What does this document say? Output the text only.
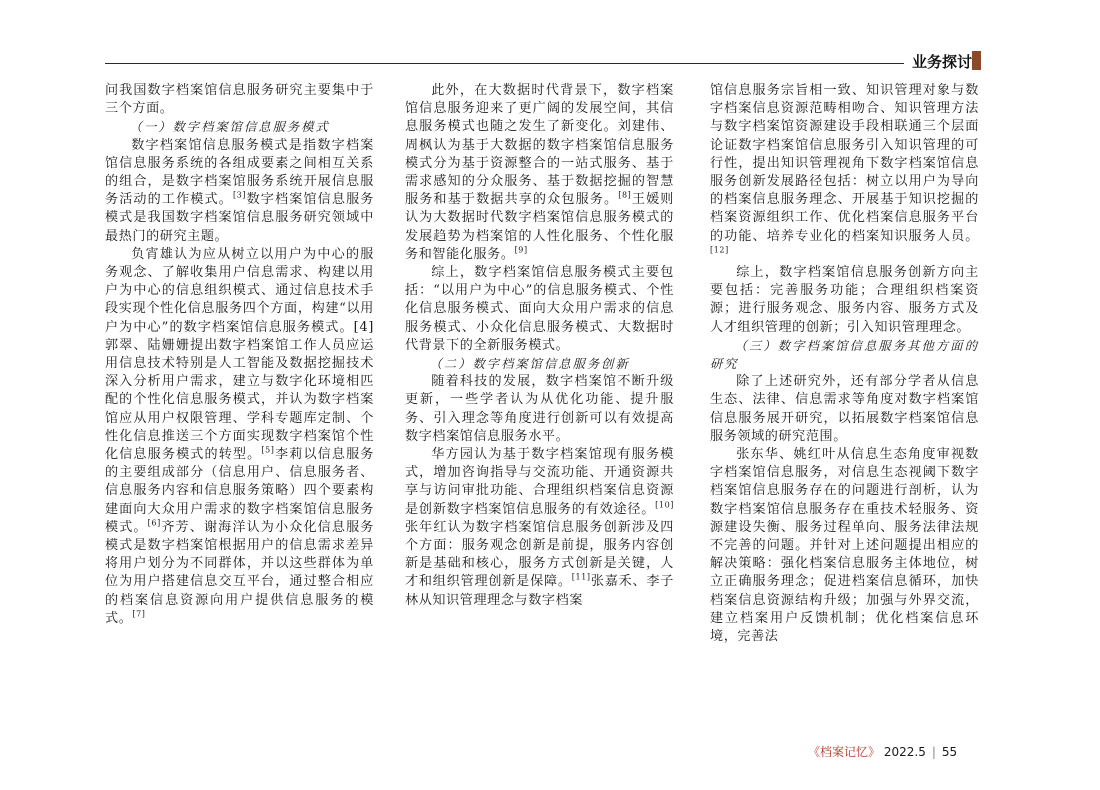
业务探讨

问我国数字档案馆信息服务研究主要集中于三个方面。

（一）数字档案馆信息服务模式

数字档案馆信息服务模式是指数字档案馆信息服务系统的各组成要素之间相互关系的组合，是数字档案馆服务系统开展信息服务活动的工作模式。[3]数字档案馆信息服务模式是我国数字档案馆信息服务研究领域中最热门的研究主题。

负宵雄认为应从树立以用户为中心的服务观念、了解收集用户信息需求、构建以用户为中心的信息组织模式、通过信息技术手段实现个性化信息服务四个方面，构建“以用户为中心”的数字档案馆信息服务模式。[4] 郭翠、陆姗姗提出数字档案馆工作人员应运用信息技术特别是人工智能及数据挖掘技术深入分析用户需求，建立与数字化环境相匹配的个性化信息服务模式，并认为数字档案馆应从用户权限管理、学科专题库定制、个性化信息推送三个方面实现数字档案馆个性化信息服务模式的转型。[5]李莉以信息服务的主要组成部分（信息用户、信息服务者、信息服务内容和信息服务策略）四个要素构建面向大众用户需求的数字档案馆信息服务模式。[6]齐芳、谢海洋认为小众化信息服务模式是数字档案馆根据用户的信息需求差异将用户划分为不同群体，并以这些群体为单位为用户搭建信息交互平台，通过整合相应的档案信息资源向用户提供信息服务的模式。[7]

此外，在大数据时代背景下，数字档案馆信息服务迎来了更广阔的发展空间，其信息服务模式也随之发生了新变化。刘建伟、周枫认为基于大数据的数字档案馆信息服务模式分为基于资源整合的一站式服务、基于需求感知的分众服务、基于数据挖掘的智慧服务和基于数据共享的众包服务。[8]王媛则认为大数据时代数字档案馆信息服务模式的发展趋势为档案馆的人性化服务、个性化服务和智能化服务。[9]

综上，数字档案馆信息服务模式主要包括：“以用户为中心”的信息服务模式、个性化信息服务模式、面向大众用户需求的信息服务模式、小众化信息服务模式、大数据时代背景下的全新服务模式。

（二）数字档案馆信息服务创新

随着科技的发展，数字档案馆不断升级更新，一些学者认为从优化功能、提升服务、引入理念等角度进行创新可以有效提高数字档案馆信息服务水平。

华方园认为基于数字档案馆现有服务模式，增加咨询指导与交流功能、开通资源共享与访问审批功能、合理组织档案信息资源是创新数字档案馆信息服务的有效途径。[10]张年红认为数字档案馆信息服务创新涉及四个方面：服务观念创新是前提，服务内容创新是基础和核心，服务方式创新是关键，人才和组织管理创新是保障。[11]张嘉禾、李子林从知识管理理念与数字档案

馆信息服务宗旨相一致、知识管理对象与数字档案信息资源范畴相吻合、知识管理方法与数字档案馆资源建设手段相联通三个层面论证数字档案馆信息服务引入知识管理的可行性，提出知识管理视角下数字档案馆信息服务创新发展路径包括：树立以用户为导向的档案信息服务理念、开展基于知识挖掘的档案资源组织工作、优化档案信息服务平台的功能、培养专业化的档案知识服务人员。[12]

综上，数字档案馆信息服务创新方向主要包括：完善服务功能；合理组织档案资源；进行服务观念、服务内容、服务方式及人才组织管理的创新；引入知识管理理念。

（三）数字档案馆信息服务其他方面的研究

除了上述研究外，还有部分学者从信息生态、法律、信息需求等角度对数字档案馆信息服务展开研究，以拓展数字档案馆信息服务领域的研究范围。

张东华、姚红叶从信息生态角度审视数字档案馆信息服务，对信息生态视阈下数字档案馆信息服务存在的问题进行剖析，认为数字档案馆信息服务存在重技术轻服务、资源建设失衡、服务过程单向、服务法律法规不完善的问题。并针对上述问题提出相应的解决策略：强化档案信息服务主体地位，树立正确服务理念；促进档案信息循环，加快档案信息资源结构升级；加强与外界交流，建立档案用户反馈机制；优化档案信息环境，完善法

《档案记忆》 2022.5 | 55
